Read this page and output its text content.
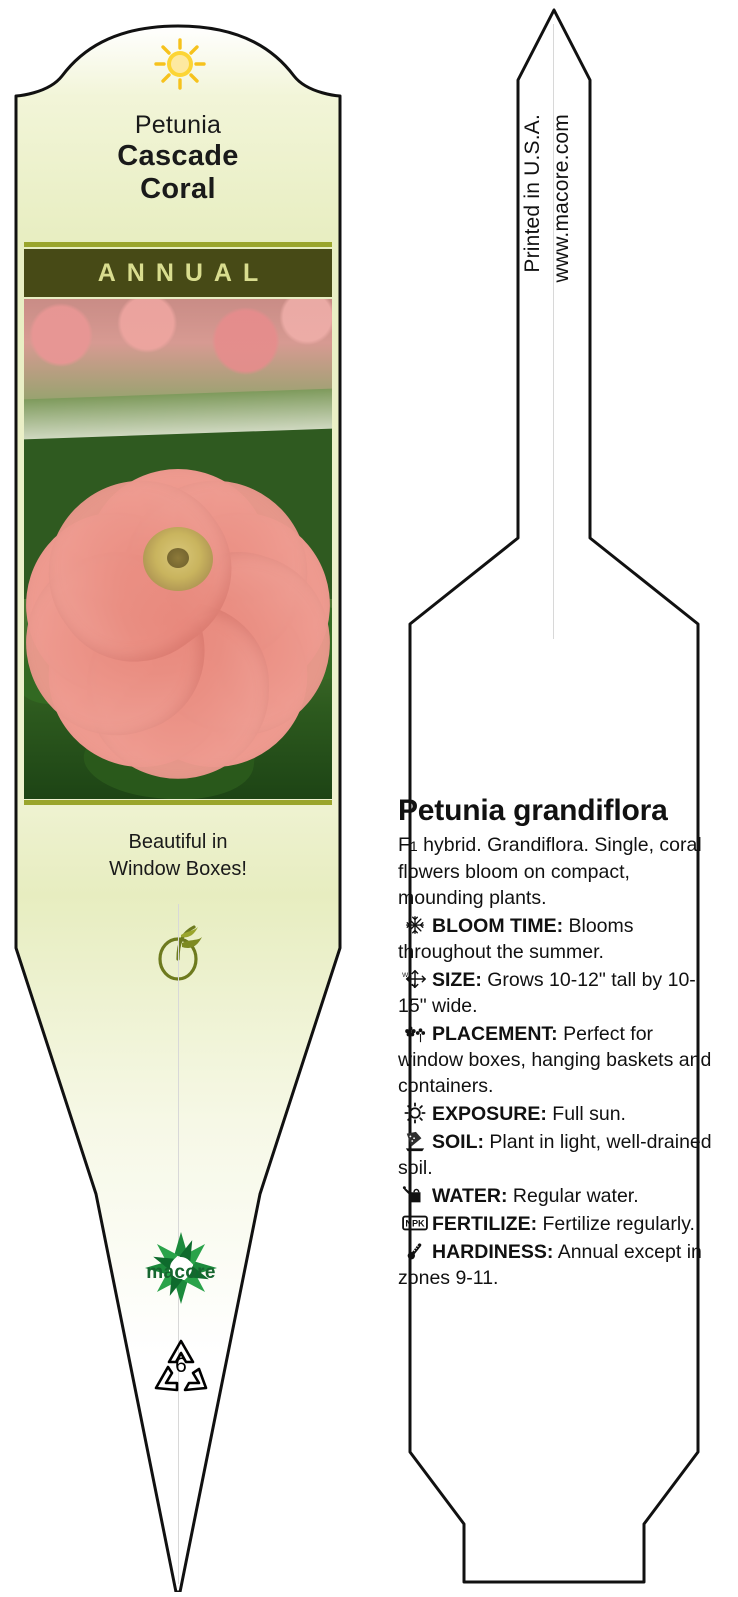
Petunia
Cascade
Coral
ANNUAL
Beautiful in
Window Boxes!
macore
6
Printed in U.S.A. www.macore.com
Petunia grandiflora

F1 hybrid. Grandiflora. Single, coral flowers bloom on compact, mounding plants.

BLOOM TIME: Blooms throughout the summer.
W
H SIZE: Grows 10-12" tall by 10-15" wide.
PLACEMENT: Perfect for window boxes, hanging baskets and containers.
EXPOSURE: Full sun.
SOIL: Plant in light, well-drained soil.
WATER: Regular water.
NPK FERTILIZE: Fertilize regularly.
HARDINESS: Annual except in zones 9-11.
